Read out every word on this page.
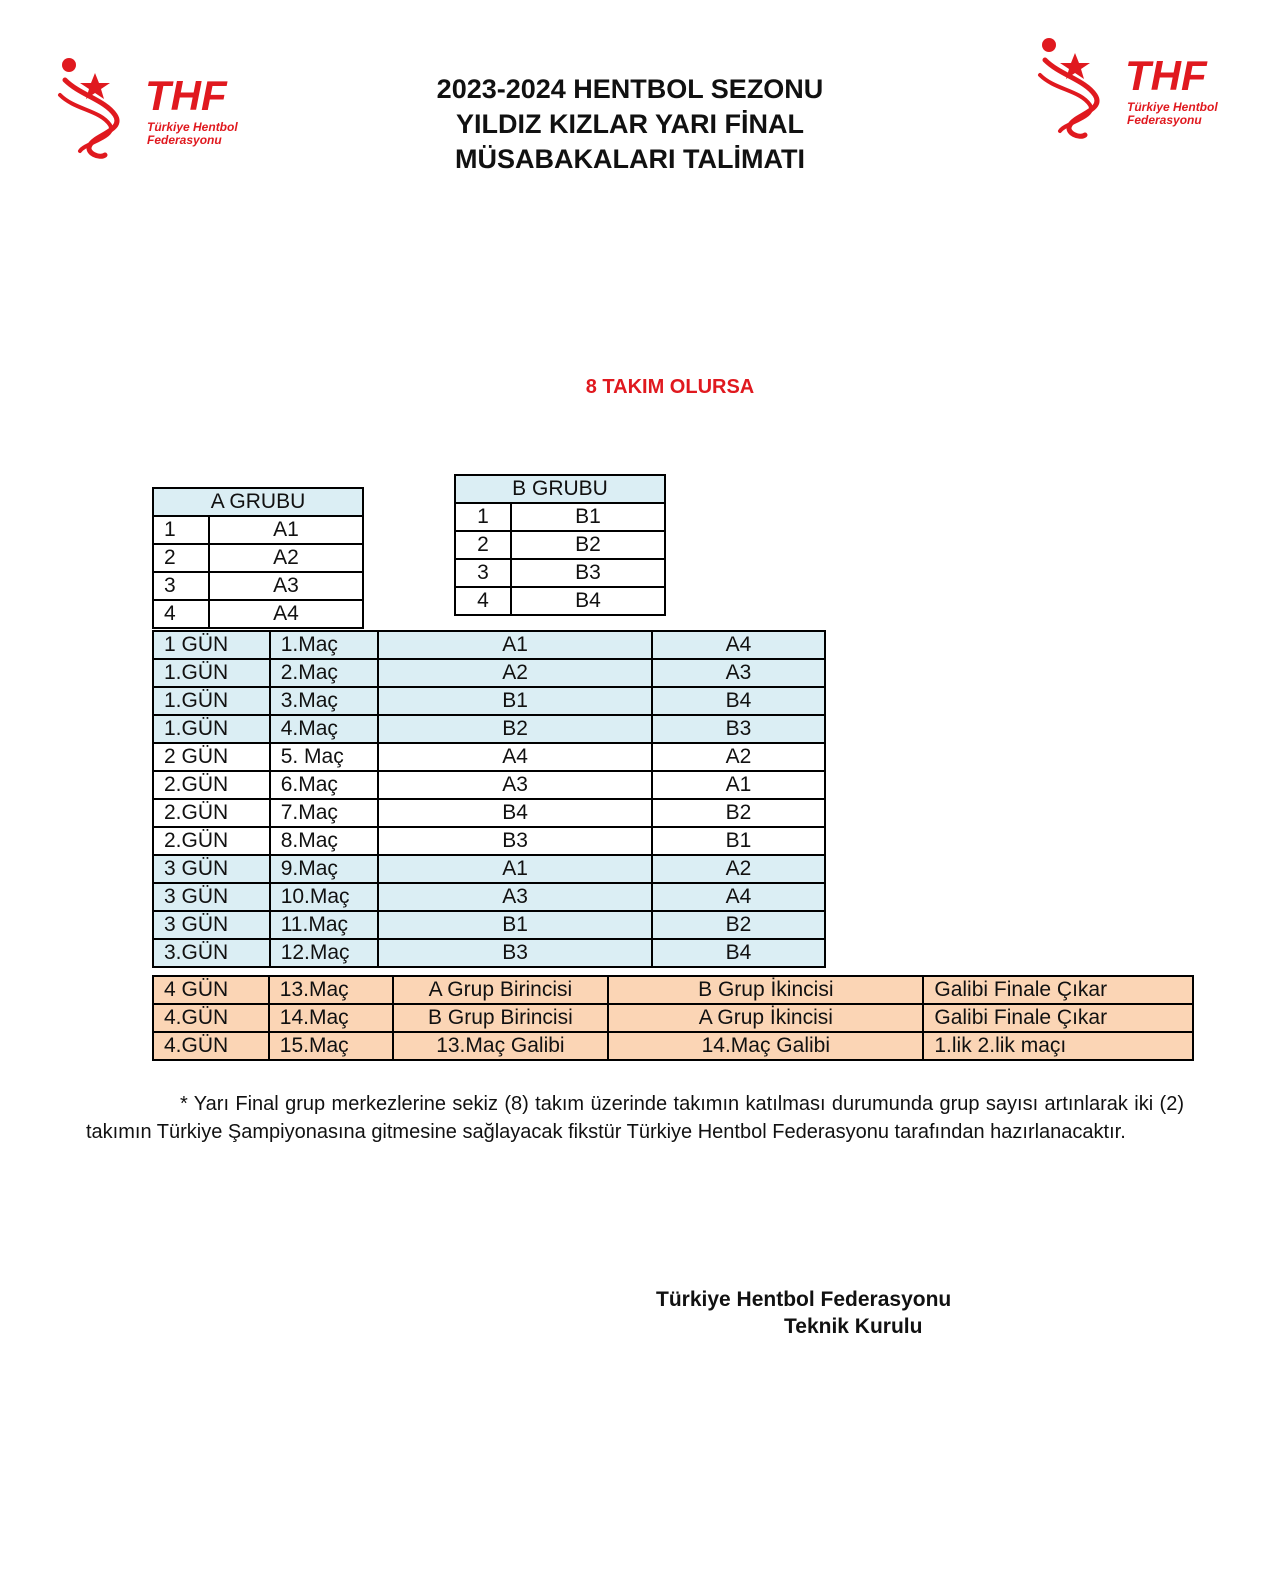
THF
Türkiye Hentbol
Federasyonu
THF
Türkiye Hentbol
Federasyonu
2023-2024 HENTBOL SEZONU
YILDIZ KIZLAR YARI FİNAL
MÜSABAKALARI TALİMATI
8 TAKIM OLURSA
A GRUBU	
1	A1
2	A2
3	A3
4	A4
B GRUBU	
1	B1
2	B2
3	B3
4	B4
1 GÜN	1.Maç	A1	A4
1.GÜN	2.Maç	A2	A3
1.GÜN	3.Maç	B1	B4
1.GÜN	4.Maç	B2	B3
2 GÜN	5. Maç	A4	A2
2.GÜN	6.Maç	A3	A1
2.GÜN	7.Maç	B4	B2
2.GÜN	8.Maç	B3	B1
3 GÜN	9.Maç	A1	A2
3 GÜN	10.Maç	A3	A4
3 GÜN	11.Maç	B1	B2
3.GÜN	12.Maç	B3	B4
4 GÜN	13.Maç	A Grup Birincisi	B Grup İkincisi	Galibi Finale Çıkar
4.GÜN	14.Maç	B Grup Birincisi	A Grup İkincisi	Galibi Finale Çıkar
4.GÜN	15.Maç	13.Maç Galibi	14.Maç Galibi	1.lik 2.lik maçı
* Yarı Final grup merkezlerine sekiz (8) takım üzerinde takımın katılması durumunda grup sayısı artınlarak iki (2) takımın Türkiye Şampiyonasına gitmesine sağlayacak fikstür Türkiye Hentbol Federasyonu tarafından hazırlanacaktır.
Türkiye Hentbol Federasyonu
Teknik Kurulu
